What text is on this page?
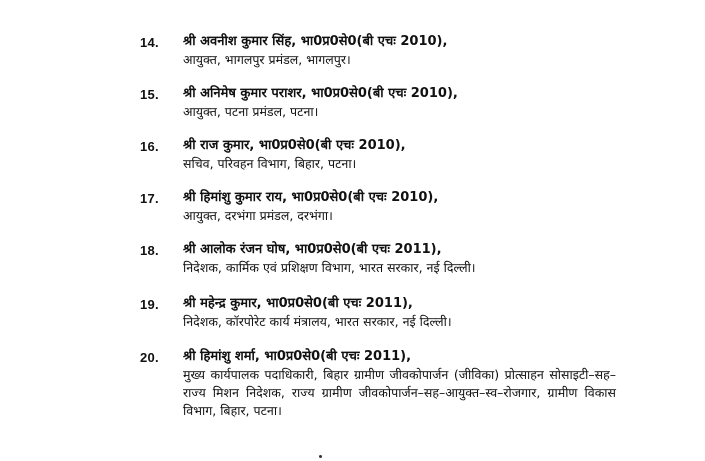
14. श्री अवनीश कुमार सिंह, भा0प्र0से0(बी एचः 2010),
आयुक्त, भागलपुर प्रमंडल, भागलपुर।
15. श्री अनिमेष कुमार पराशर, भा0प्र0से0(बी एचः 2010),
आयुक्त, पटना प्रमंडल, पटना।
16. श्री राज कुमार, भा0प्र0से0(बी एचः 2010),
सचिव, परिवहन विभाग, बिहार, पटना।
17. श्री हिमांशु कुमार राय, भा0प्र0से0(बी एचः 2010),
आयुक्त, दरभंगा प्रमंडल, दरभंगा।
18. श्री आलोक रंजन घोष, भा0प्र0से0(बी एचः 2011),
निदेशक, कार्मिक एवं प्रशिक्षण विभाग, भारत सरकार, नई दिल्ली।
19. श्री महेन्द्र कुमार, भा0प्र0से0(बी एचः 2011),
निदेशक, कॉरपोरेट कार्य मंत्रालय, भारत सरकार, नई दिल्ली।
20. श्री हिमांशु शर्मा, भा0प्र0से0(बी एचः 2011),
मुख्य कार्यपालक पदाधिकारी, बिहार ग्रामीण जीवकोपार्जन (जीविका) प्रोत्साहन सोसाइटी–सह–राज्य मिशन निदेशक, राज्य ग्रामीण जीवकोपार्जन–सह–आयुक्त–स्व–रोजगार, ग्रामीण विकास विभाग, बिहार, पटना।
